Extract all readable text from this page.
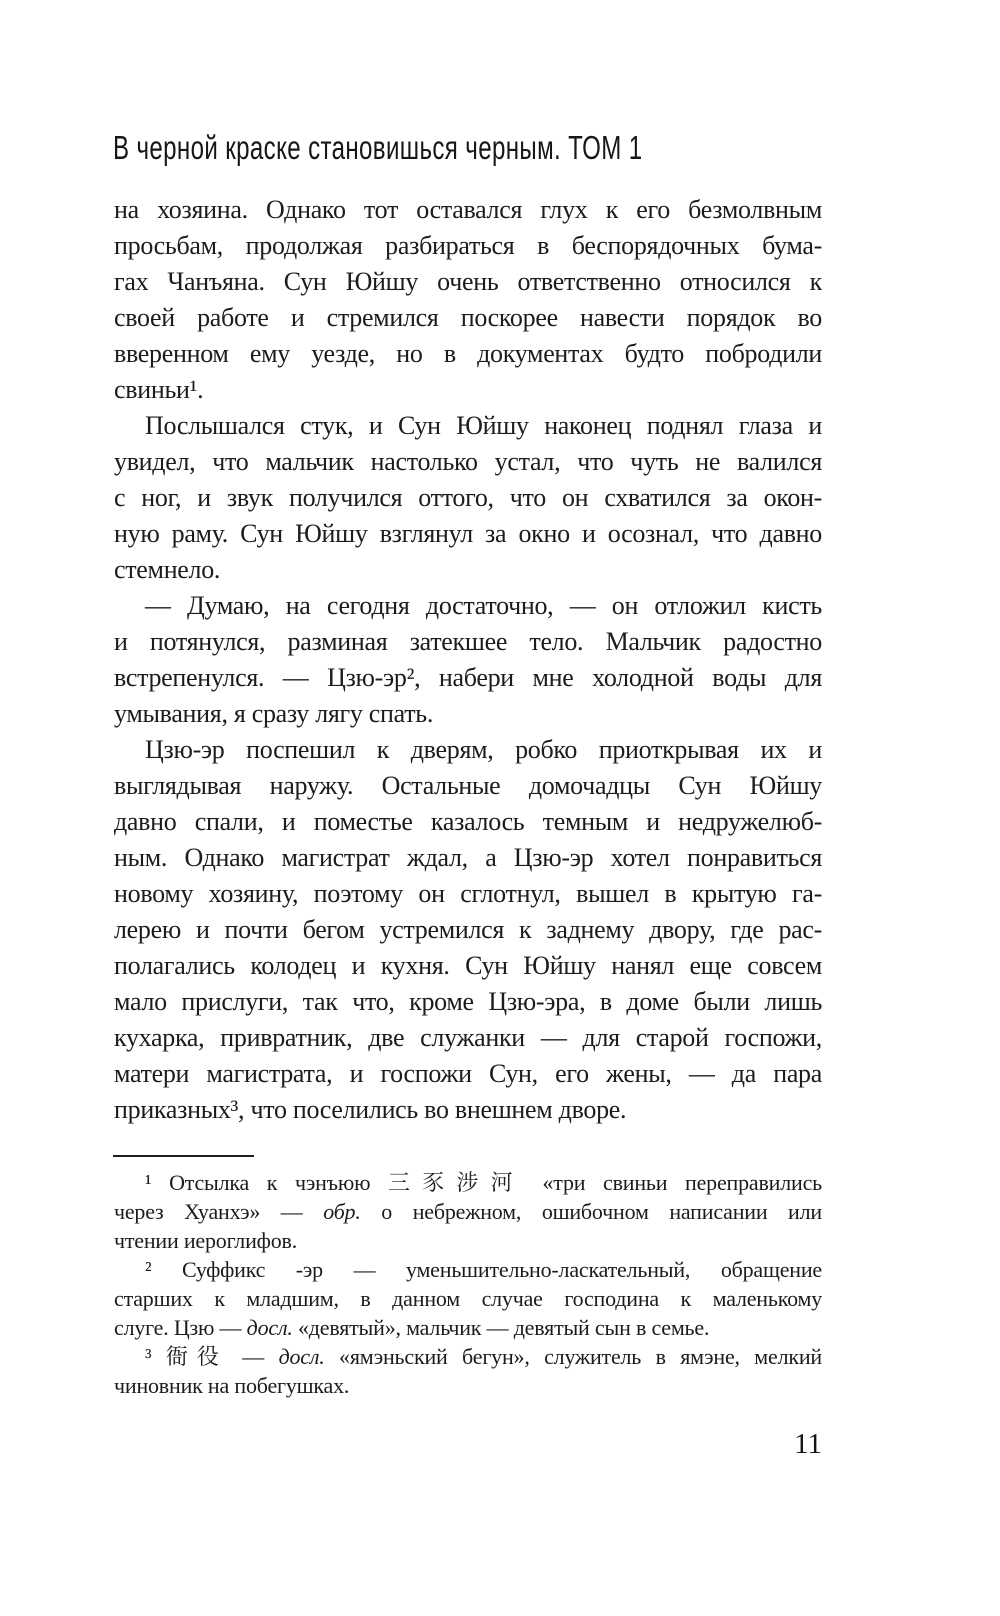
В черной краске становишься черным. ТОМ 1
на хозяина. Однако тот оставался глух к его безмолвным
просьбам, продолжая разбираться в беспорядочных бума-
гах Чанъяна. Сун Юйшу очень ответственно относился к
своей работе и стремился поскорее навести порядок во
вверенном ему уезде, но в документах будто побродили
свиньи¹.
Послышался стук, и Сун Юйшу наконец поднял глаза и
увидел, что мальчик настолько устал, что чуть не валился
с ног, и звук получился оттого, что он схватился за окон-
ную раму. Сун Юйшу взглянул за окно и осознал, что давно
стемнело.
— Думаю, на сегодня достаточно, — он отложил кисть
и потянулся, разминая затекшее тело. Мальчик радостно
встрепенулся. — Цзю-эр², набери мне холодной воды для
умывания, я сразу лягу спать.
Цзю-эр поспешил к дверям, робко приоткрывая их и
выглядывая наружу. Остальные домочадцы Сун Юйшу
давно спали, и поместье казалось темным и недружелюб-
ным. Однако магистрат ждал, а Цзю-эр хотел понравиться
новому хозяину, поэтому он сглотнул, вышел в крытую га-
лерею и почти бегом устремился к заднему двору, где рас-
полагались колодец и кухня. Сун Юйшу нанял еще совсем
мало прислуги, так что, кроме Цзю-эра, в доме были лишь
кухарка, привратник, две служанки — для старой госпожи,
матери магистрата, и госпожи Сун, его жены, — да пара
приказных³, что поселились во внешнем дворе.
¹ Отсылка к чэнъюю 三豕涉河 «три свиньи переправились
через Хуанхэ» — обр. о небрежном, ошибочном написании или
чтении иероглифов.
² Суффикс -эр — уменьшительно-ласкательный, обращение
старших к младшим, в данном случае господина к маленькому
слуге. Цзю — досл. «девятый», мальчик — девятый сын в семье.
³ 衙役 — досл. «ямэньский бегун», служитель в ямэне, мелкий
чиновник на побегушках.
11
